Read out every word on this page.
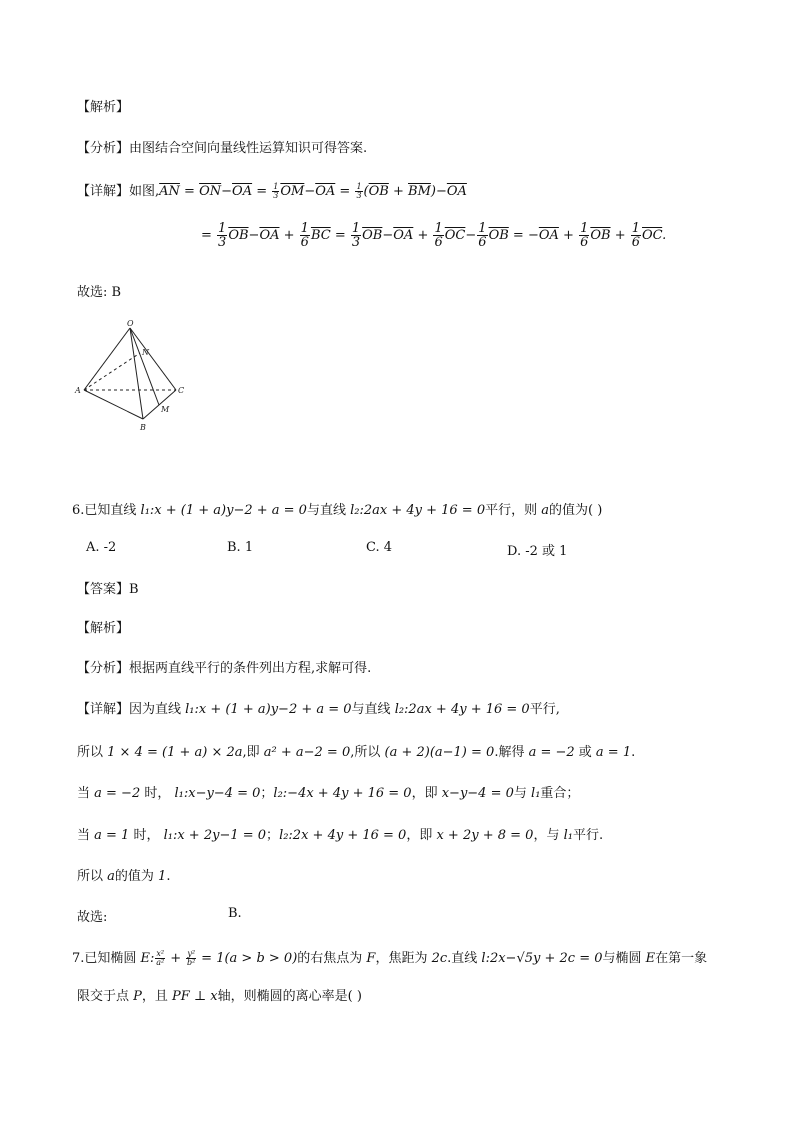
【解析】
【分析】由图结合空间向量线性运算知识可得答案.
【详解】如图$,\overline{AN} = \overline{ON}-\overline{OA} = \frac{1}{3} \overline{OM}-\overline{OA} = \frac{1}{3} (\overline{OB} + \overline{BM})-\overline{OA}$
= $\frac{1}{3} \overline{OB}-\overline{OA} + \frac{1}{6} \overline{BC} = \frac{1}{3} \overline{OB}-\overline{OA} + \frac{1}{6} \overline{OC}- \frac{1}{6} \overline{OB} = -\overline{OA} + \frac{1}{6} \overline{OB} + \frac{1}{6} \overline{OC}$.
故选: B
O
N
A	C
M
B
6.已知直线 l₁:x + (1 + a)y−2 + a = 0与直线 l₂:2ax + 4y + 16 = 0平行，则 a的值为( )
A. -2	B. 1	C. 4	D. -2 或 1
【答案】B
【解析】
【分析】根据两直线平行的条件列出方程,求解可得.
【详解】因为直线 l₁:x + (1 + a)y−2 + a = 0与直线 l₂:2ax + 4y + 16 = 0平行,
所以 1 × 4 = (1 + a) × 2a,即 a² + a−2 = 0,所以 (a + 2)(a−1) = 0.解得 a = −2 或 a = 1.
当 a = −2 时， l₁:x−y−4 = 0；l₂:−4x + 4y + 16 = 0，即 x−y−4 = 0与 l₁重合；
当 a = 1 时， l₁:x + 2y−1 = 0；l₂:2x + 4y + 16 = 0，即 x + 2y + 8 = 0，与 l₁平行.
所以 a的值为 1.
故选:	B.
7.已知椭圆 E: $\frac{\text{x²}}{\text{a²}} + \frac{\text{y²}}{\text{b²}} = 1(a > b > 0)$的右焦点为 F，焦距为 2c.直线 l:2x−√5y + 2c = 0与椭圆 E在第一象
限交于点 P，且 PF ⊥ x轴，则椭圆的离心率是( )
